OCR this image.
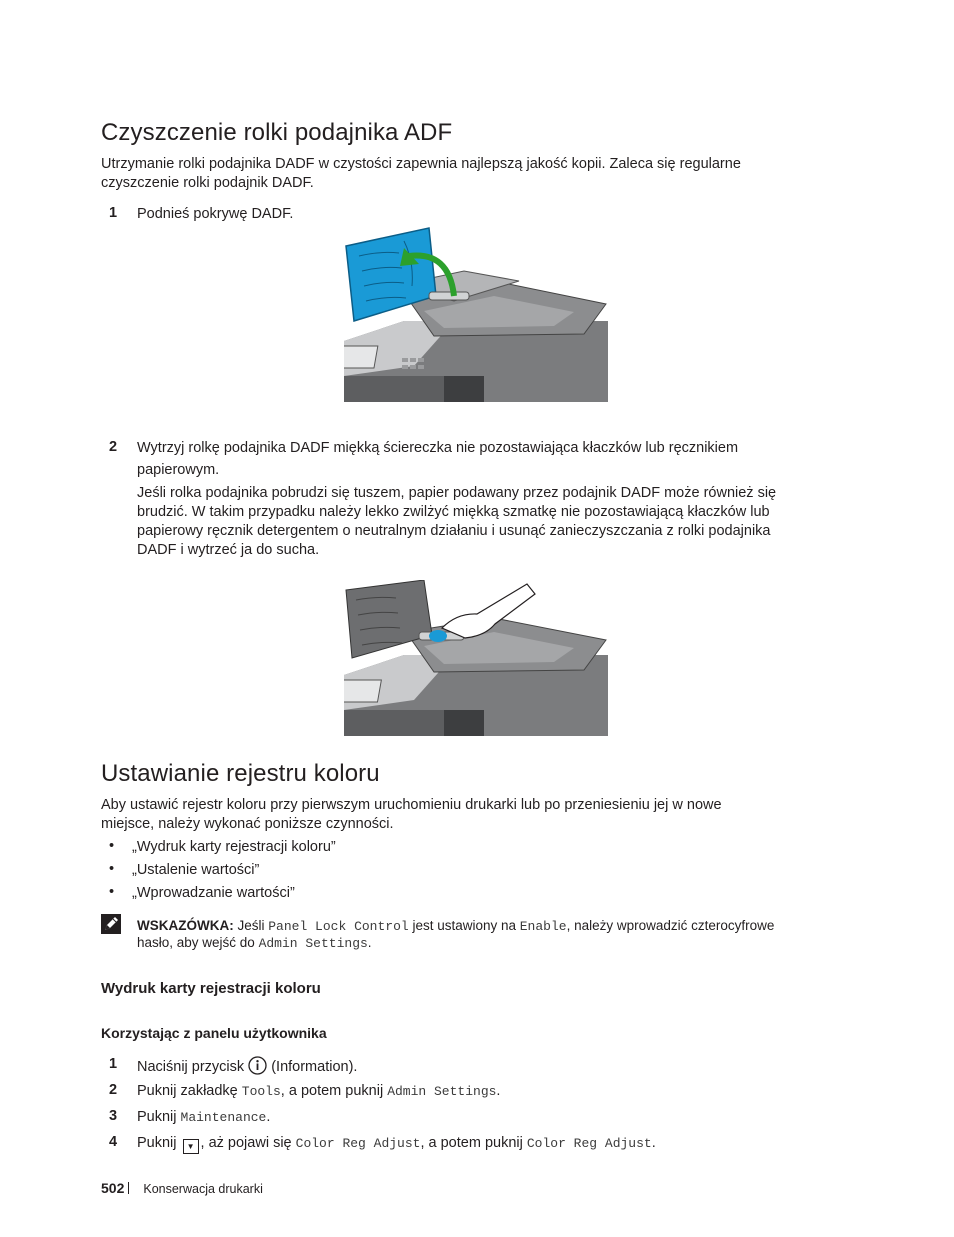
Czyszczenie rolki podajnika ADF
Utrzymanie rolki podajnika DADF w czystości zapewnia najlepszą jakość kopii. Zaleca się regularne
czyszczenie rolki podajnik DADF.
1 Podnieś pokrywę DADF.
2 Wytrzyj rolkę podajnika DADF miękką ściereczka nie pozostawiająca kłaczków lub ręcznikiem
papierowym.
Jeśli rolka podajnika pobrudzi się tuszem, papier podawany przez podajnik DADF może również się
brudzić. W takim przypadku należy lekko zwilżyć miękką szmatkę nie pozostawiającą kłaczków lub
papierowy ręcznik detergentem o neutralnym działaniu i usunąć zanieczyszczania z rolki podajnika
DADF i wytrzeć ja do sucha.
Ustawianie rejestru koloru
Aby ustawić rejestr koloru przy pierwszym uruchomieniu drukarki lub po przeniesieniu jej w nowe
miejsce, należy wykonać poniższe czynności.
• „Wydruk karty rejestracji koloru”
• „Ustalenie wartości”
• „Wprowadzanie wartości”
WSKAZÓWKA: Jeśli Panel Lock Control jest ustawiony na Enable, należy wprowadzić czterocyfrowe
hasło, aby wejść do Admin Settings.
Wydruk karty rejestracji koloru
Korzystając z panelu użytkownika
1 Naciśnij przycisk  (Information).
2 Puknij zakładkę Tools, a potem puknij Admin Settings.
3 Puknij Maintenance.
4 Puknij ▼ , aż pojawi się Color Reg Adjust, a potem puknij Color Reg Adjust.
502 Konserwacja drukarki
